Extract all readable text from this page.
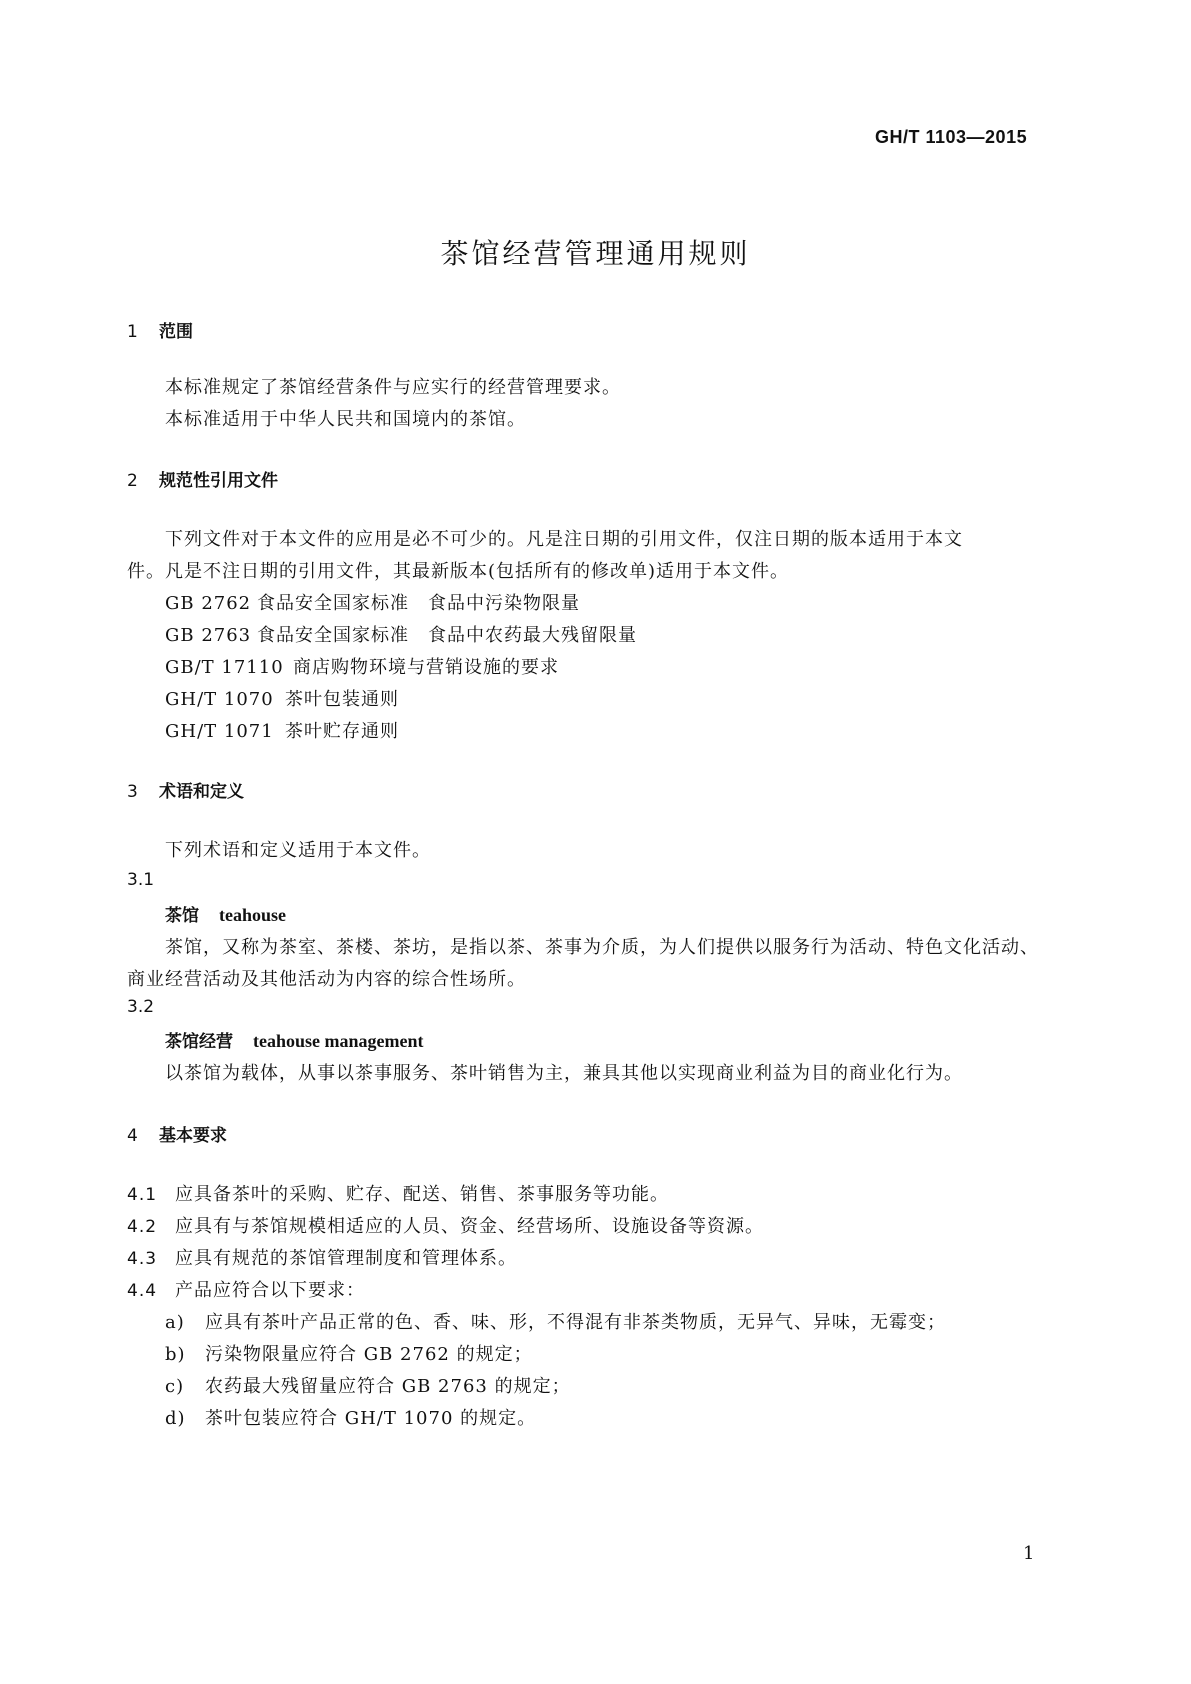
GH/T 1103—2015
茶馆经营管理通用规则
1 范围
本标准规定了茶馆经营条件与应实行的经营管理要求。
本标准适用于中华人民共和国境内的茶馆。
2 规范性引用文件
下列文件对于本文件的应用是必不可少的。凡是注日期的引用文件，仅注日期的版本适用于本文
件。凡是不注日期的引用文件，其最新版本(包括所有的修改单)适用于本文件。
GB 2762 食品安全国家标准　食品中污染物限量
GB 2763 食品安全国家标准　食品中农药最大残留限量
GB/T 17110 商店购物环境与营销设施的要求
GH/T 1070 茶叶包装通则
GH/T 1071 茶叶贮存通则
3 术语和定义
下列术语和定义适用于本文件。
3.1
茶馆 teahouse
茶馆，又称为茶室、茶楼、茶坊，是指以茶、茶事为介质，为人们提供以服务行为活动、特色文化活动、
商业经营活动及其他活动为内容的综合性场所。
3.2
茶馆经营 teahouse management
以茶馆为载体，从事以茶事服务、茶叶销售为主，兼具其他以实现商业利益为目的商业化行为。
4 基本要求
4.1 应具备茶叶的采购、贮存、配送、销售、茶事服务等功能。
4.2 应具有与茶馆规模相适应的人员、资金、经营场所、设施设备等资源。
4.3 应具有规范的茶馆管理制度和管理体系。
4.4 产品应符合以下要求：
a) 应具有茶叶产品正常的色、香、味、形，不得混有非茶类物质，无异气、异味，无霉变；
b) 污染物限量应符合 GB 2762 的规定；
c) 农药最大残留量应符合 GB 2763 的规定；
d) 茶叶包装应符合 GH/T 1070 的规定。
1
